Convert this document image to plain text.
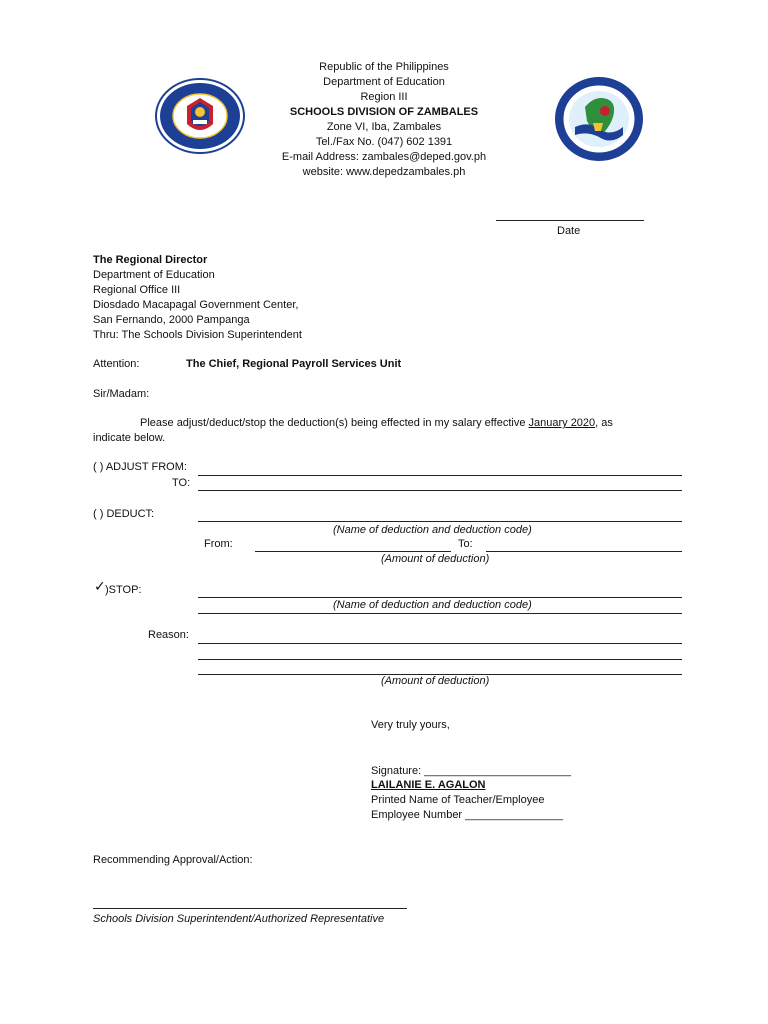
Republic of the Philippines
Department of Education
Region III
SCHOOLS DIVISION OF ZAMBALES
Zone VI, Iba, Zambales
Tel./Fax No. (047) 602 1391
E-mail Address: zambales@deped.gov.ph
website: www.depedzambales.ph
Date
The Regional Director
Department of Education
Regional Office III
Diosdado Macapagal Government Center,
San Fernando, 2000 Pampanga
Thru: The Schools Division Superintendent
Attention:	The Chief, Regional Payroll Services Unit
Sir/Madam:
Please adjust/deduct/stop the deduction(s) being effected in my salary effective January 2020, as
indicate below.
( ) ADJUST FROM:
TO:
( ) DEDUCT:
(Name of deduction and deduction code)
From:	To:
(Amount of deduction)
✓ )STOP:
(Name of deduction and deduction code)
Reason:
(Amount of deduction)
Very truly yours,
Signature: ________________________
LAILANIE E. AGALON
Printed Name of Teacher/Employee
Employee Number ________________
Recommending Approval/Action:
Schools Division Superintendent/Authorized Representative
